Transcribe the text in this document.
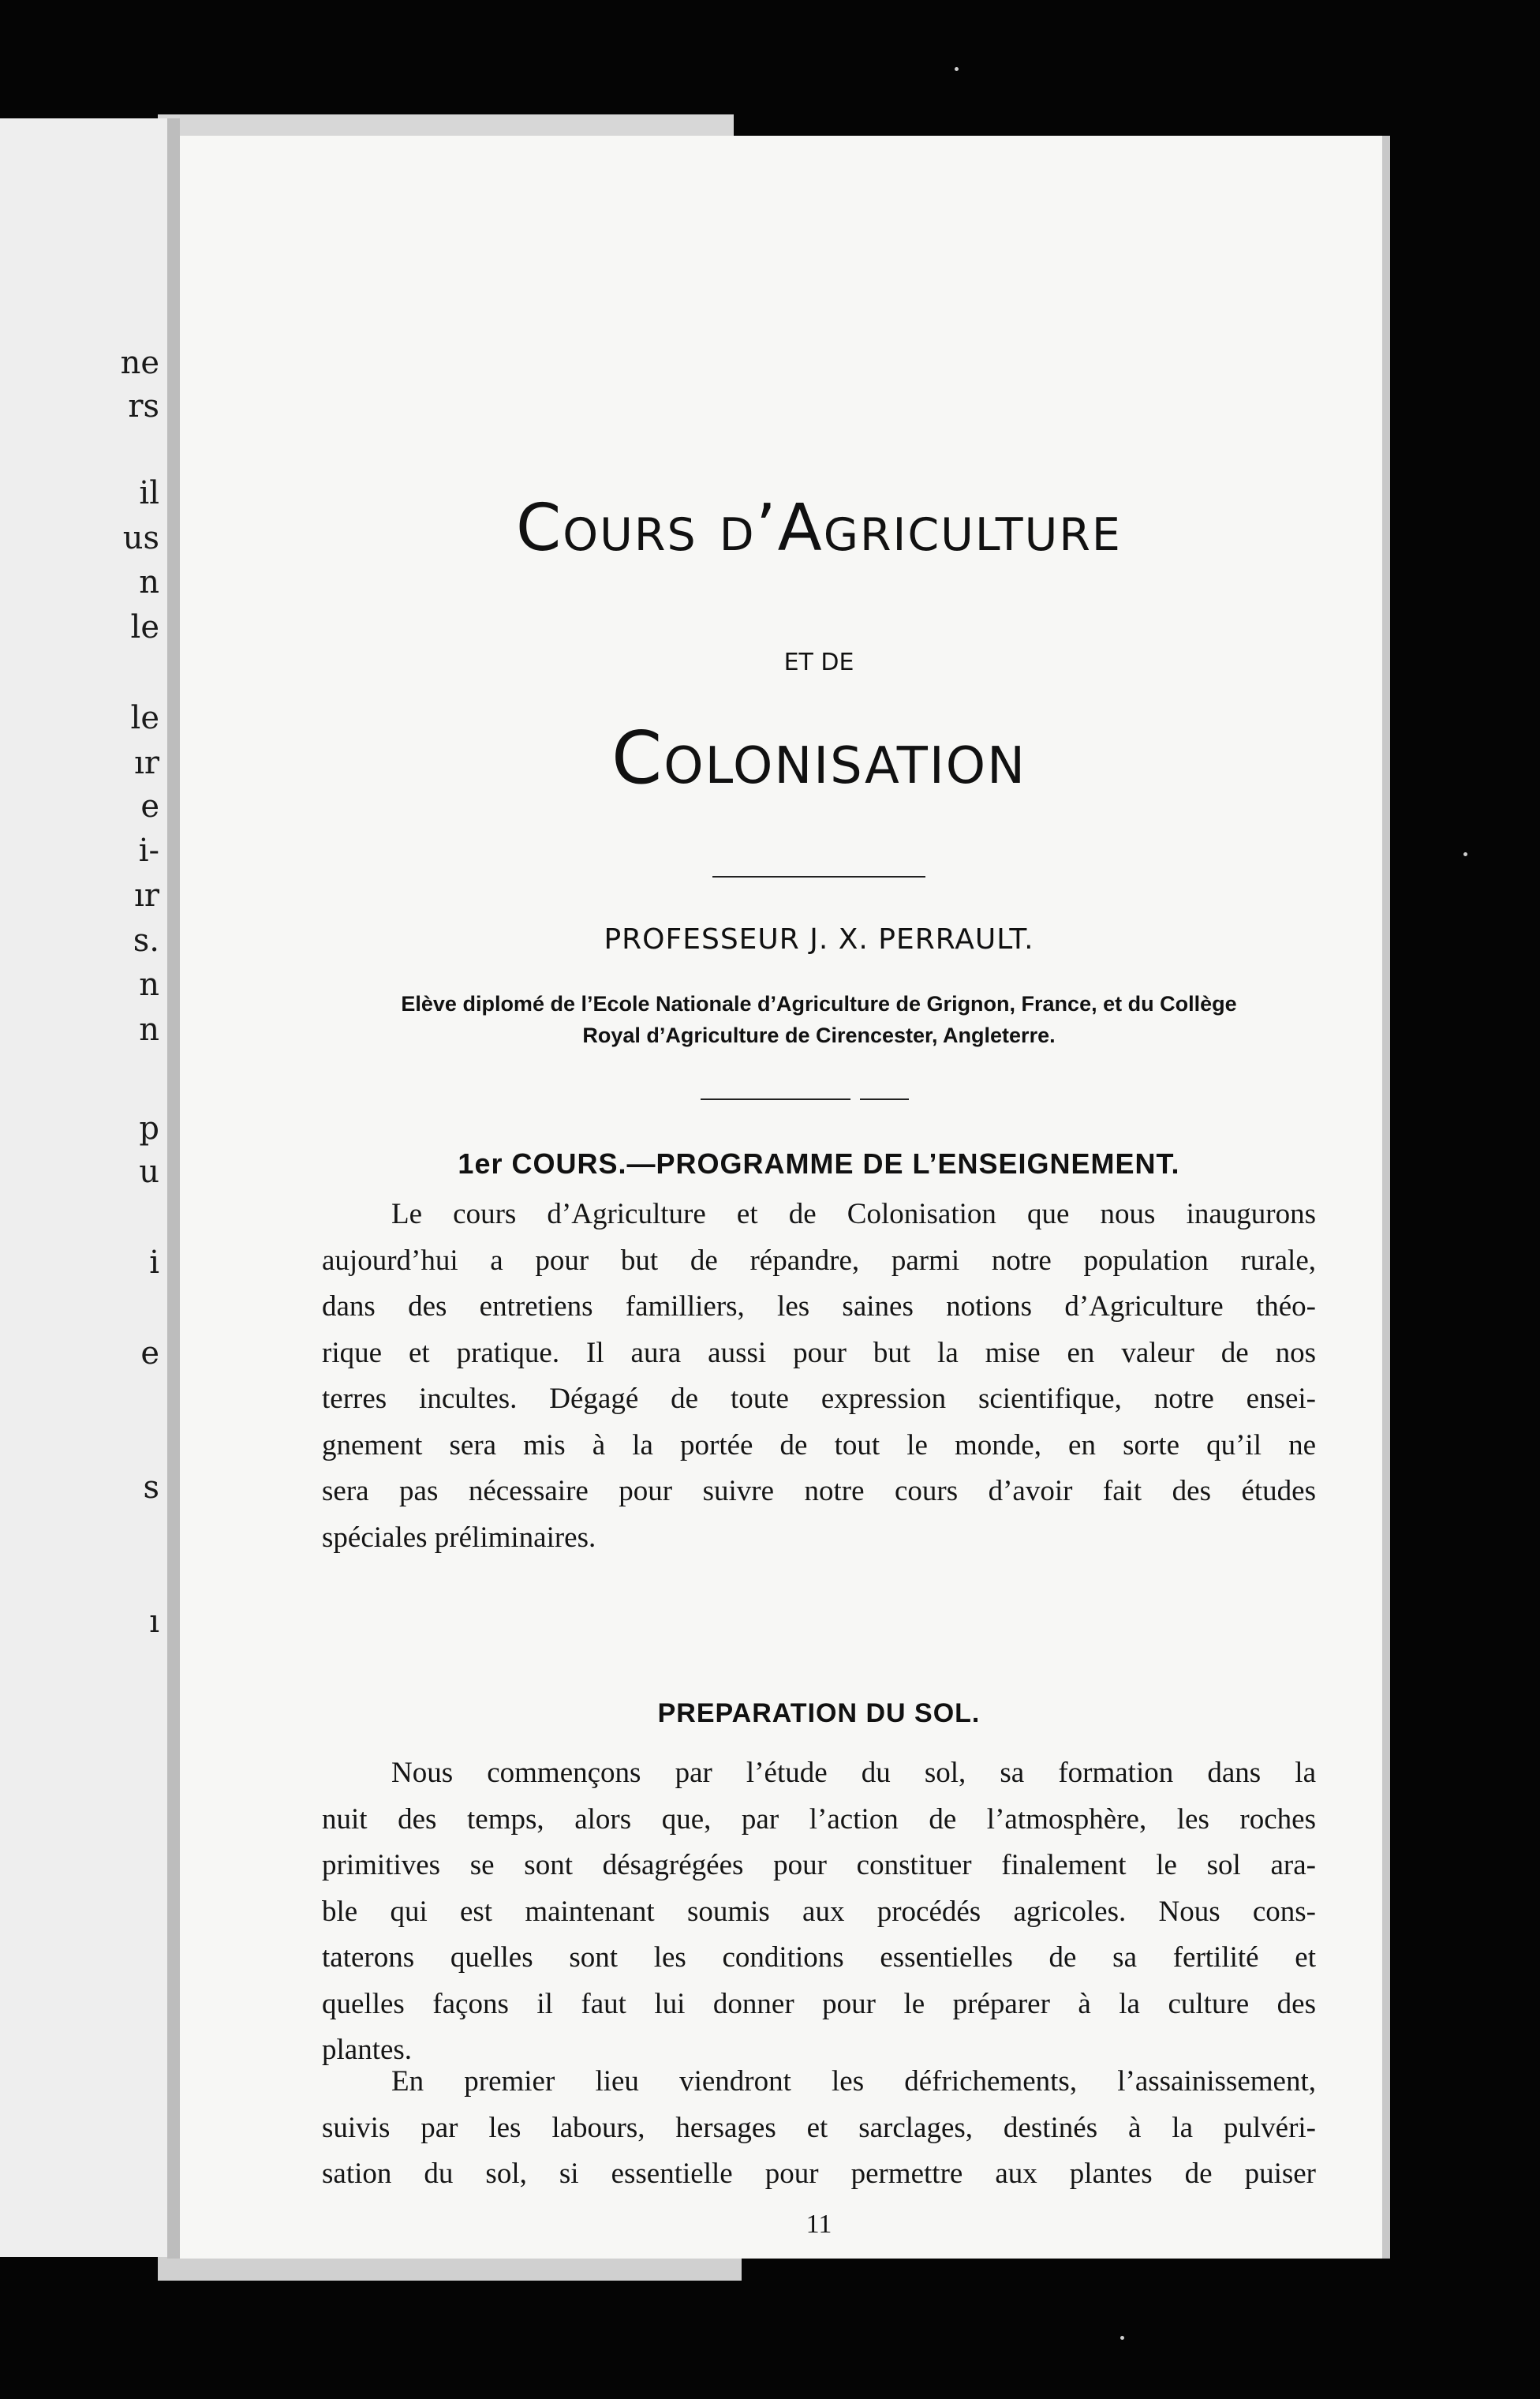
ne
rs
il
us
n
le
le
ır
e
i-
ır
s.
n
n
p
u
i
e
s
ı
Cours d’Agriculture
ET DE
Colonisation
PROFESSEUR J. X. PERRAULT.
Elève diplomé de l’Ecole Nationale d’Agriculture de Grignon, France, et du Collège
Royal d’Agriculture de Cirencester, Angleterre.
1er COURS.—PROGRAMME DE L’ENSEIGNEMENT.
Le cours d’Agriculture et de Colonisation que nous inaugurons
aujourd’hui a pour but de répandre, parmi notre population rurale,
dans des entretiens familliers, les saines notions d’Agriculture théo-
rique et pratique. Il aura aussi pour but la mise en valeur de nos
terres incultes. Dégagé de toute expression scientifique, notre ensei-
gnement sera mis à la portée de tout le monde, en sorte qu’il ne
sera pas nécessaire pour suivre notre cours d’avoir fait des études
spéciales préliminaires.
PREPARATION DU SOL.
Nous commençons par l’étude du sol, sa formation dans la
nuit des temps, alors que, par l’action de l’atmosphère, les roches
primitives se sont désagrégées pour constituer finalement le sol ara-
ble qui est maintenant soumis aux procédés agricoles. Nous cons-
taterons quelles sont les conditions essentielles de sa fertilité et
quelles façons il faut lui donner pour le préparer à la culture des
plantes.
En premier lieu viendront les défrichements, l’assainissement,
suivis par les labours, hersages et sarclages, destinés à la pulvéri-
sation du sol, si essentielle pour permettre aux plantes de puiser
11
